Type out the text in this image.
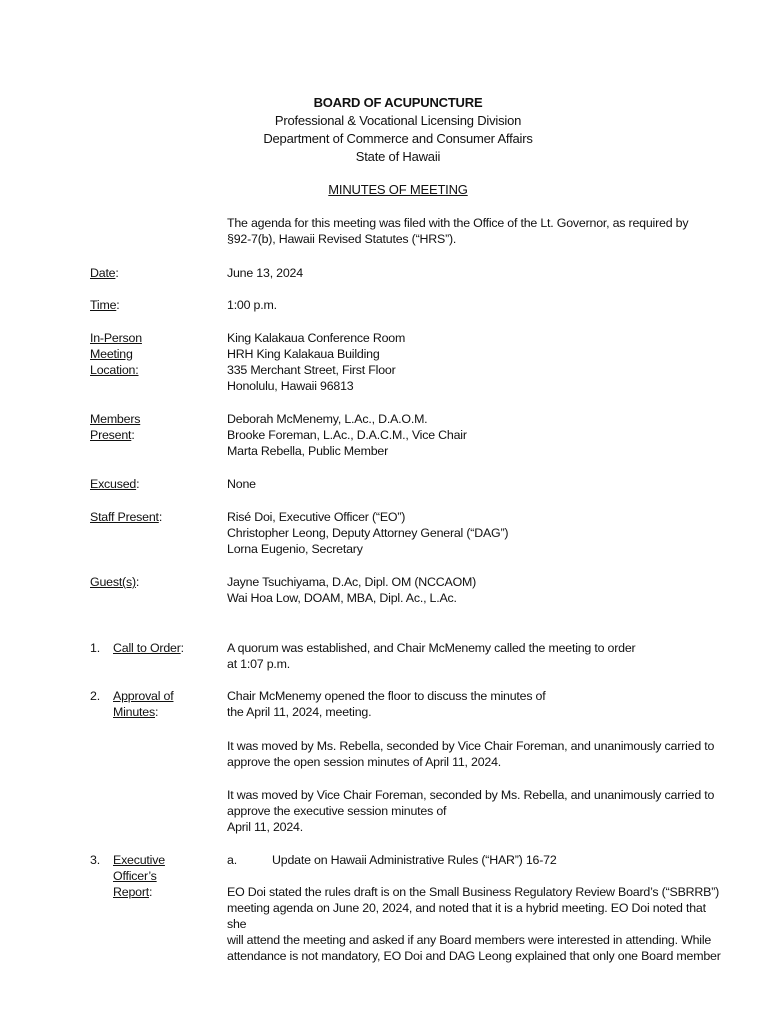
BOARD OF ACUPUNCTURE
Professional & Vocational Licensing Division
Department of Commerce and Consumer Affairs
State of Hawaii
MINUTES OF MEETING
The agenda for this meeting was filed with the Office of the Lt. Governor, as required by
§92-7(b), Hawaii Revised Statutes (“HRS”).
Date:	June 13, 2024
Time:	1:00 p.m.
In-Person
Meeting
Location:
King Kalakaua Conference Room
HRH King Kalakaua Building
335 Merchant Street, First Floor
Honolulu, Hawaii 96813
Members
Present:
Deborah McMenemy, L.Ac., D.A.O.M.
Brooke Foreman, L.Ac., D.A.C.M., Vice Chair
Marta Rebella, Public Member
Excused:	None
Staff Present:	Risé Doi, Executive Officer (“EO”)
Christopher Leong, Deputy Attorney General (“DAG”)
Lorna Eugenio, Secretary
Guest(s):	Jayne Tsuchiyama, D.Ac, Dipl. OM (NCCAOM)
Wai Hoa Low, DOAM, MBA, Dipl. Ac., L.Ac.
1.	Call to Order:	A quorum was established, and Chair McMenemy called the meeting to order
at 1:07 p.m.
2.	Approval of
Minutes:
Chair McMenemy opened the floor to discuss the minutes of
the April 11, 2024, meeting.
It was moved by Ms. Rebella, seconded by Vice Chair Foreman, and unanimously carried to
approve the open session minutes of April 11, 2024.
It was moved by Vice Chair Foreman, seconded by Ms. Rebella, and unanimously carried to
approve the executive session minutes of
April 11, 2024.
3.	Executive
Officer’s
Report:
a.	Update on Hawaii Administrative Rules (“HAR”) 16-72
EO Doi stated the rules draft is on the Small Business Regulatory Review Board’s (“SBRRB”)
meeting agenda on June 20, 2024, and noted that it is a hybrid meeting. EO Doi noted that she
will attend the meeting and asked if any Board members were interested in attending. While
attendance is not mandatory, EO Doi and DAG Leong explained that only one Board member
